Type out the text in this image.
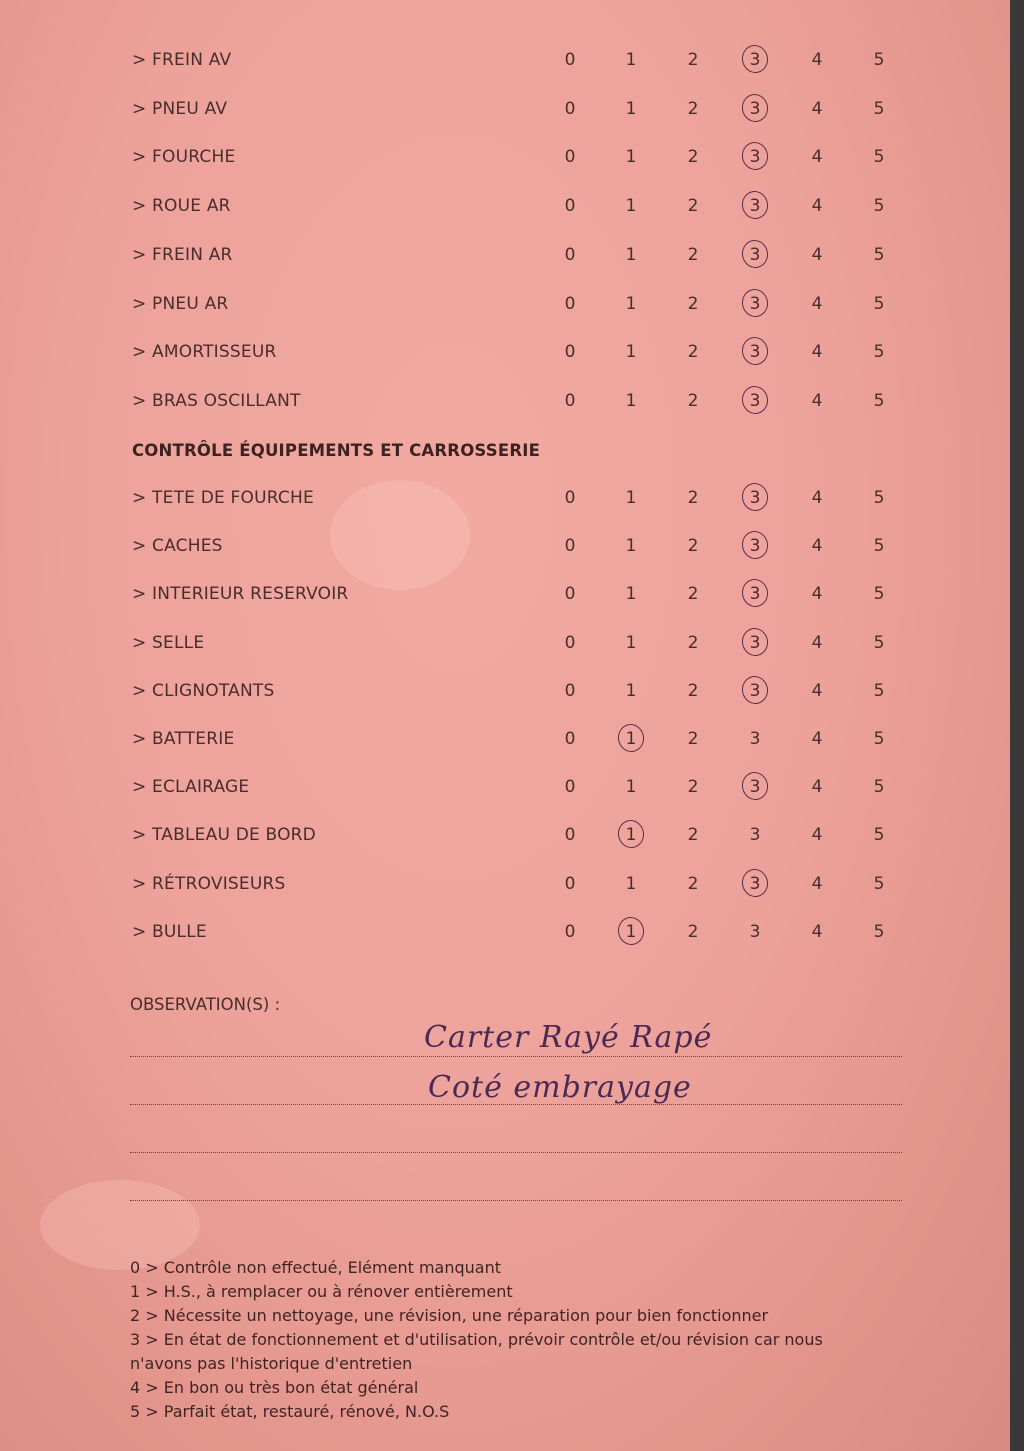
> FREIN AV	0	1	2	3	4	5
> PNEU AV	0	1	2	3	4	5
> FOURCHE	0	1	2	3	4	5
> ROUE AR	0	1	2	3	4	5
> FREIN AR	0	1	2	3	4	5
> PNEU AR	0	1	2	3	4	5
> AMORTISSEUR	0	1	2	3	4	5
> BRAS OSCILLANT	0	1	2	3	4	5
CONTRÔLE ÉQUIPEMENTS ET CARROSSERIE
> TETE DE FOURCHE	0	1	2	3	4	5
> CACHES	0	1	2	3	4	5
> INTERIEUR RESERVOIR	0	1	2	3	4	5
> SELLE	0	1	2	3	4	5
> CLIGNOTANTS	0	1	2	3	4	5
> BATTERIE	0	1	2	3	4	5
> ECLAIRAGE	0	1	2	3	4	5
> TABLEAU DE BORD	0	1	2	3	4	5
> RÉTROVISEURS	0	1	2	3	4	5
> BULLE	0	1	2	3	4	5
OBSERVATION(S) :
Carter Rayé Rapé
Coté embrayage

0 > Contrôle non effectué, Elément manquant

1 > H.S., à remplacer ou à rénover entièrement

2 > Nécessite un nettoyage, une révision, une réparation pour bien fonctionner

3 > En état de fonctionnement et d'utilisation, prévoir contrôle et/ou révision car nous

n'avons pas l'historique d'entretien

4 > En bon ou très bon état général

5 > Parfait état, restauré, rénové, N.O.S
